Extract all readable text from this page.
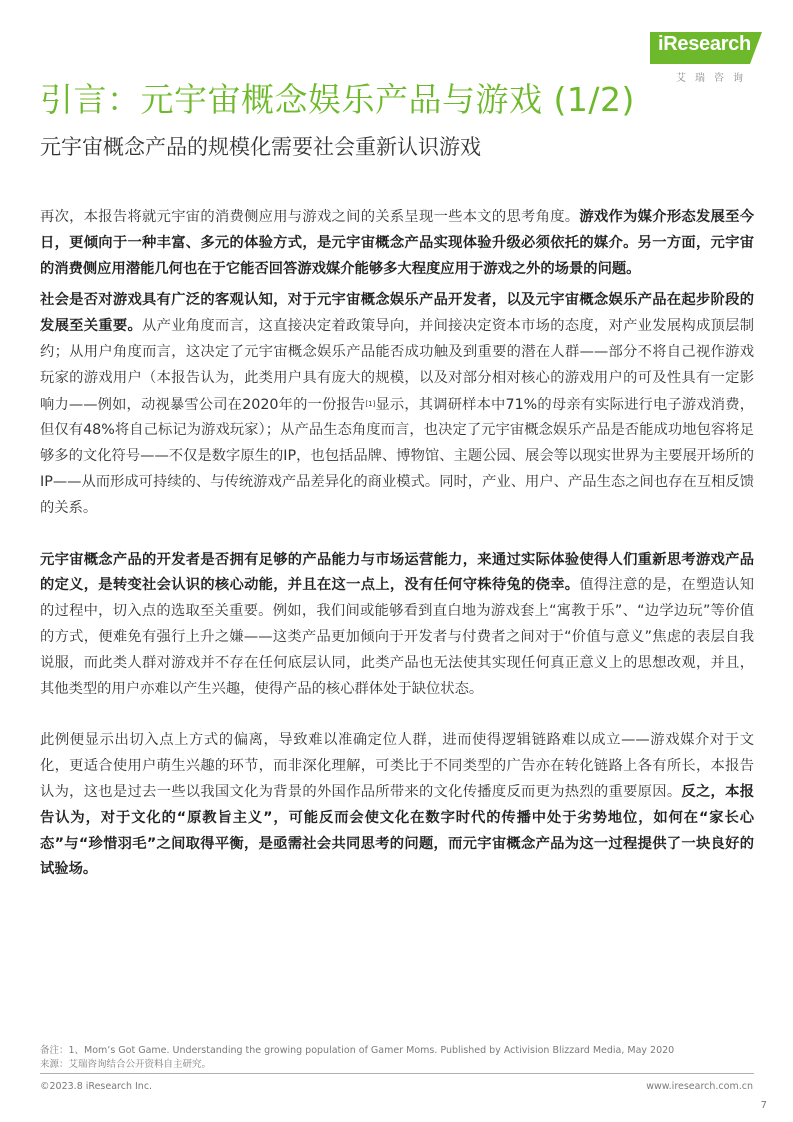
iResearch
艾瑞咨询
引言：元宇宙概念娱乐产品与游戏 (1/2)
元宇宙概念产品的规模化需要社会重新认识游戏

再次，本报告将就元宇宙的消费侧应用与游戏之间的关系呈现一些本文的思考角度。游戏作为媒介形态发展至今日，更倾向于一种丰富、多元的体验方式，是元宇宙概念产品实现体验升级必须依托的媒介。另一方面，元宇宙的消费侧应用潜能几何也在于它能否回答游戏媒介能够多大程度应用于游戏之外的场景的问题。

社会是否对游戏具有广泛的客观认知，对于元宇宙概念娱乐产品开发者，以及元宇宙概念娱乐产品在起步阶段的发展至关重要。从产业角度而言，这直接决定着政策导向，并间接决定资本市场的态度，对产业发展构成顶层制约；从用户角度而言，这决定了元宇宙概念娱乐产品能否成功触及到重要的潜在人群——部分不将自己视作游戏玩家的游戏用户（本报告认为，此类用户具有庞大的规模，以及对部分相对核心的游戏用户的可及性具有一定影响力——例如，动视暴雪公司在2020年的一份报告[1]显示，其调研样本中71%的母亲有实际进行电子游戏消费，但仅有48%将自己标记为游戏玩家）；从产品生态角度而言，也决定了元宇宙概念娱乐产品是否能成功地包容将足够多的文化符号——不仅是数字原生的IP，也包括品牌、博物馆、主题公园、展会等以现实世界为主要展开场所的IP——从而形成可持续的、与传统游戏产品差异化的商业模式。同时，产业、用户、产品生态之间也存在互相反馈的关系。

元宇宙概念产品的开发者是否拥有足够的产品能力与市场运营能力，来通过实际体验使得人们重新思考游戏产品的定义，是转变社会认识的核心动能，并且在这一点上，没有任何守株待兔的侥幸。值得注意的是，在塑造认知的过程中，切入点的选取至关重要。例如，我们间或能够看到直白地为游戏套上“寓教于乐”、“边学边玩”等价值的方式，便难免有强行上升之嫌——这类产品更加倾向于开发者与付费者之间对于“价值与意义”焦虑的表层自我说服，而此类人群对游戏并不存在任何底层认同，此类产品也无法使其实现任何真正意义上的思想改观，并且，其他类型的用户亦难以产生兴趣，使得产品的核心群体处于缺位状态。

此例便显示出切入点上方式的偏离，导致难以准确定位人群，进而使得逻辑链路难以成立——游戏媒介对于文化，更适合使用户萌生兴趣的环节，而非深化理解，可类比于不同类型的广告亦在转化链路上各有所长，本报告认为，这也是过去一些以我国文化为背景的外国作品所带来的文化传播度反而更为热烈的重要原因。反之，本报告认为，对于文化的“原教旨主义”，可能反而会使文化在数字时代的传播中处于劣势地位，如何在“家长心态”与“珍惜羽毛”之间取得平衡，是亟需社会共同思考的问题，而元宇宙概念产品为这一过程提供了一块良好的试验场。

备注：1、Mom’s Got Game. Understanding the growing population of Gamer Moms. Published by Activision Blizzard Media, May 2020
来源：艾瑞咨询结合公开资料自主研究。
©2023.8 iResearch Inc.	www.iresearch.com.cn
7
